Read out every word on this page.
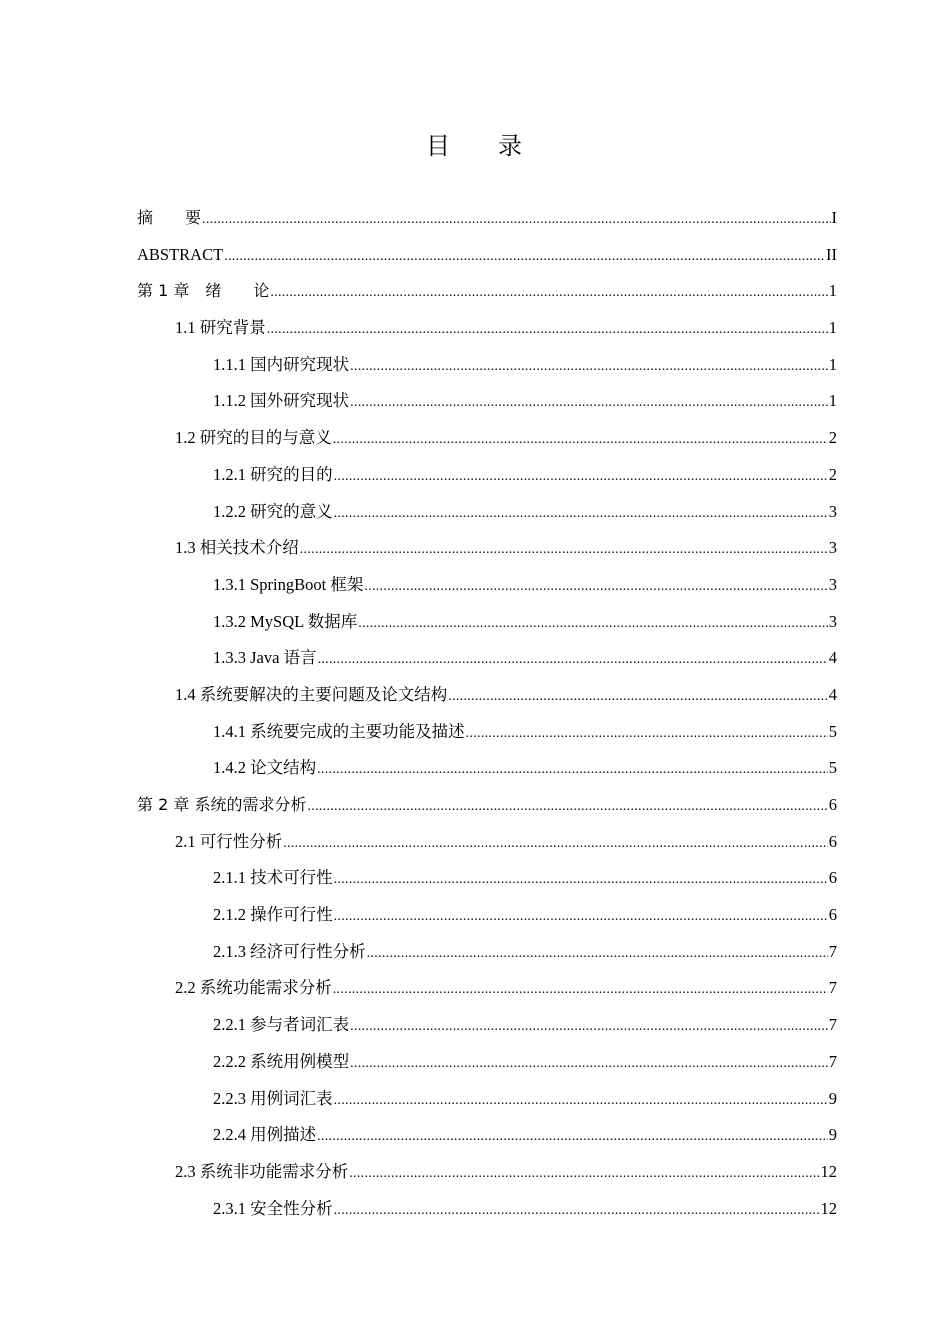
目 录
摘　　要 .....	I
ABSTRACT .....	II
第 1 章　绪　　论 .....	1
1.1 研究背景 .....	1
1.1.1 国内研究现状 .....	1
1.1.2 国外研究现状 .....	1
1.2 研究的目的与意义 .....	2
1.2.1 研究的目的 .....	2
1.2.2 研究的意义 .....	3
1.3 相关技术介绍 .....	3
1.3.1 SpringBoot 框架 .....	3
1.3.2 MySQL 数据库 .....	3
1.3.3 Java 语言 .....	4
1.4 系统要解决的主要问题及论文结构 .....	4
1.4.1 系统要完成的主要功能及描述 .....	5
1.4.2 论文结构 .....	5
第 2 章 系统的需求分析 .....	6
2.1 可行性分析 .....	6
2.1.1 技术可行性 .....	6
2.1.2 操作可行性 .....	6
2.1.3 经济可行性分析 .....	7
2.2 系统功能需求分析 .....	7
2.2.1 参与者词汇表 .....	7
2.2.2 系统用例模型 .....	7
2.2.3 用例词汇表 .....	9
2.2.4 用例描述 .....	9
2.3 系统非功能需求分析 .....	12
2.3.1 安全性分析 .....	12
